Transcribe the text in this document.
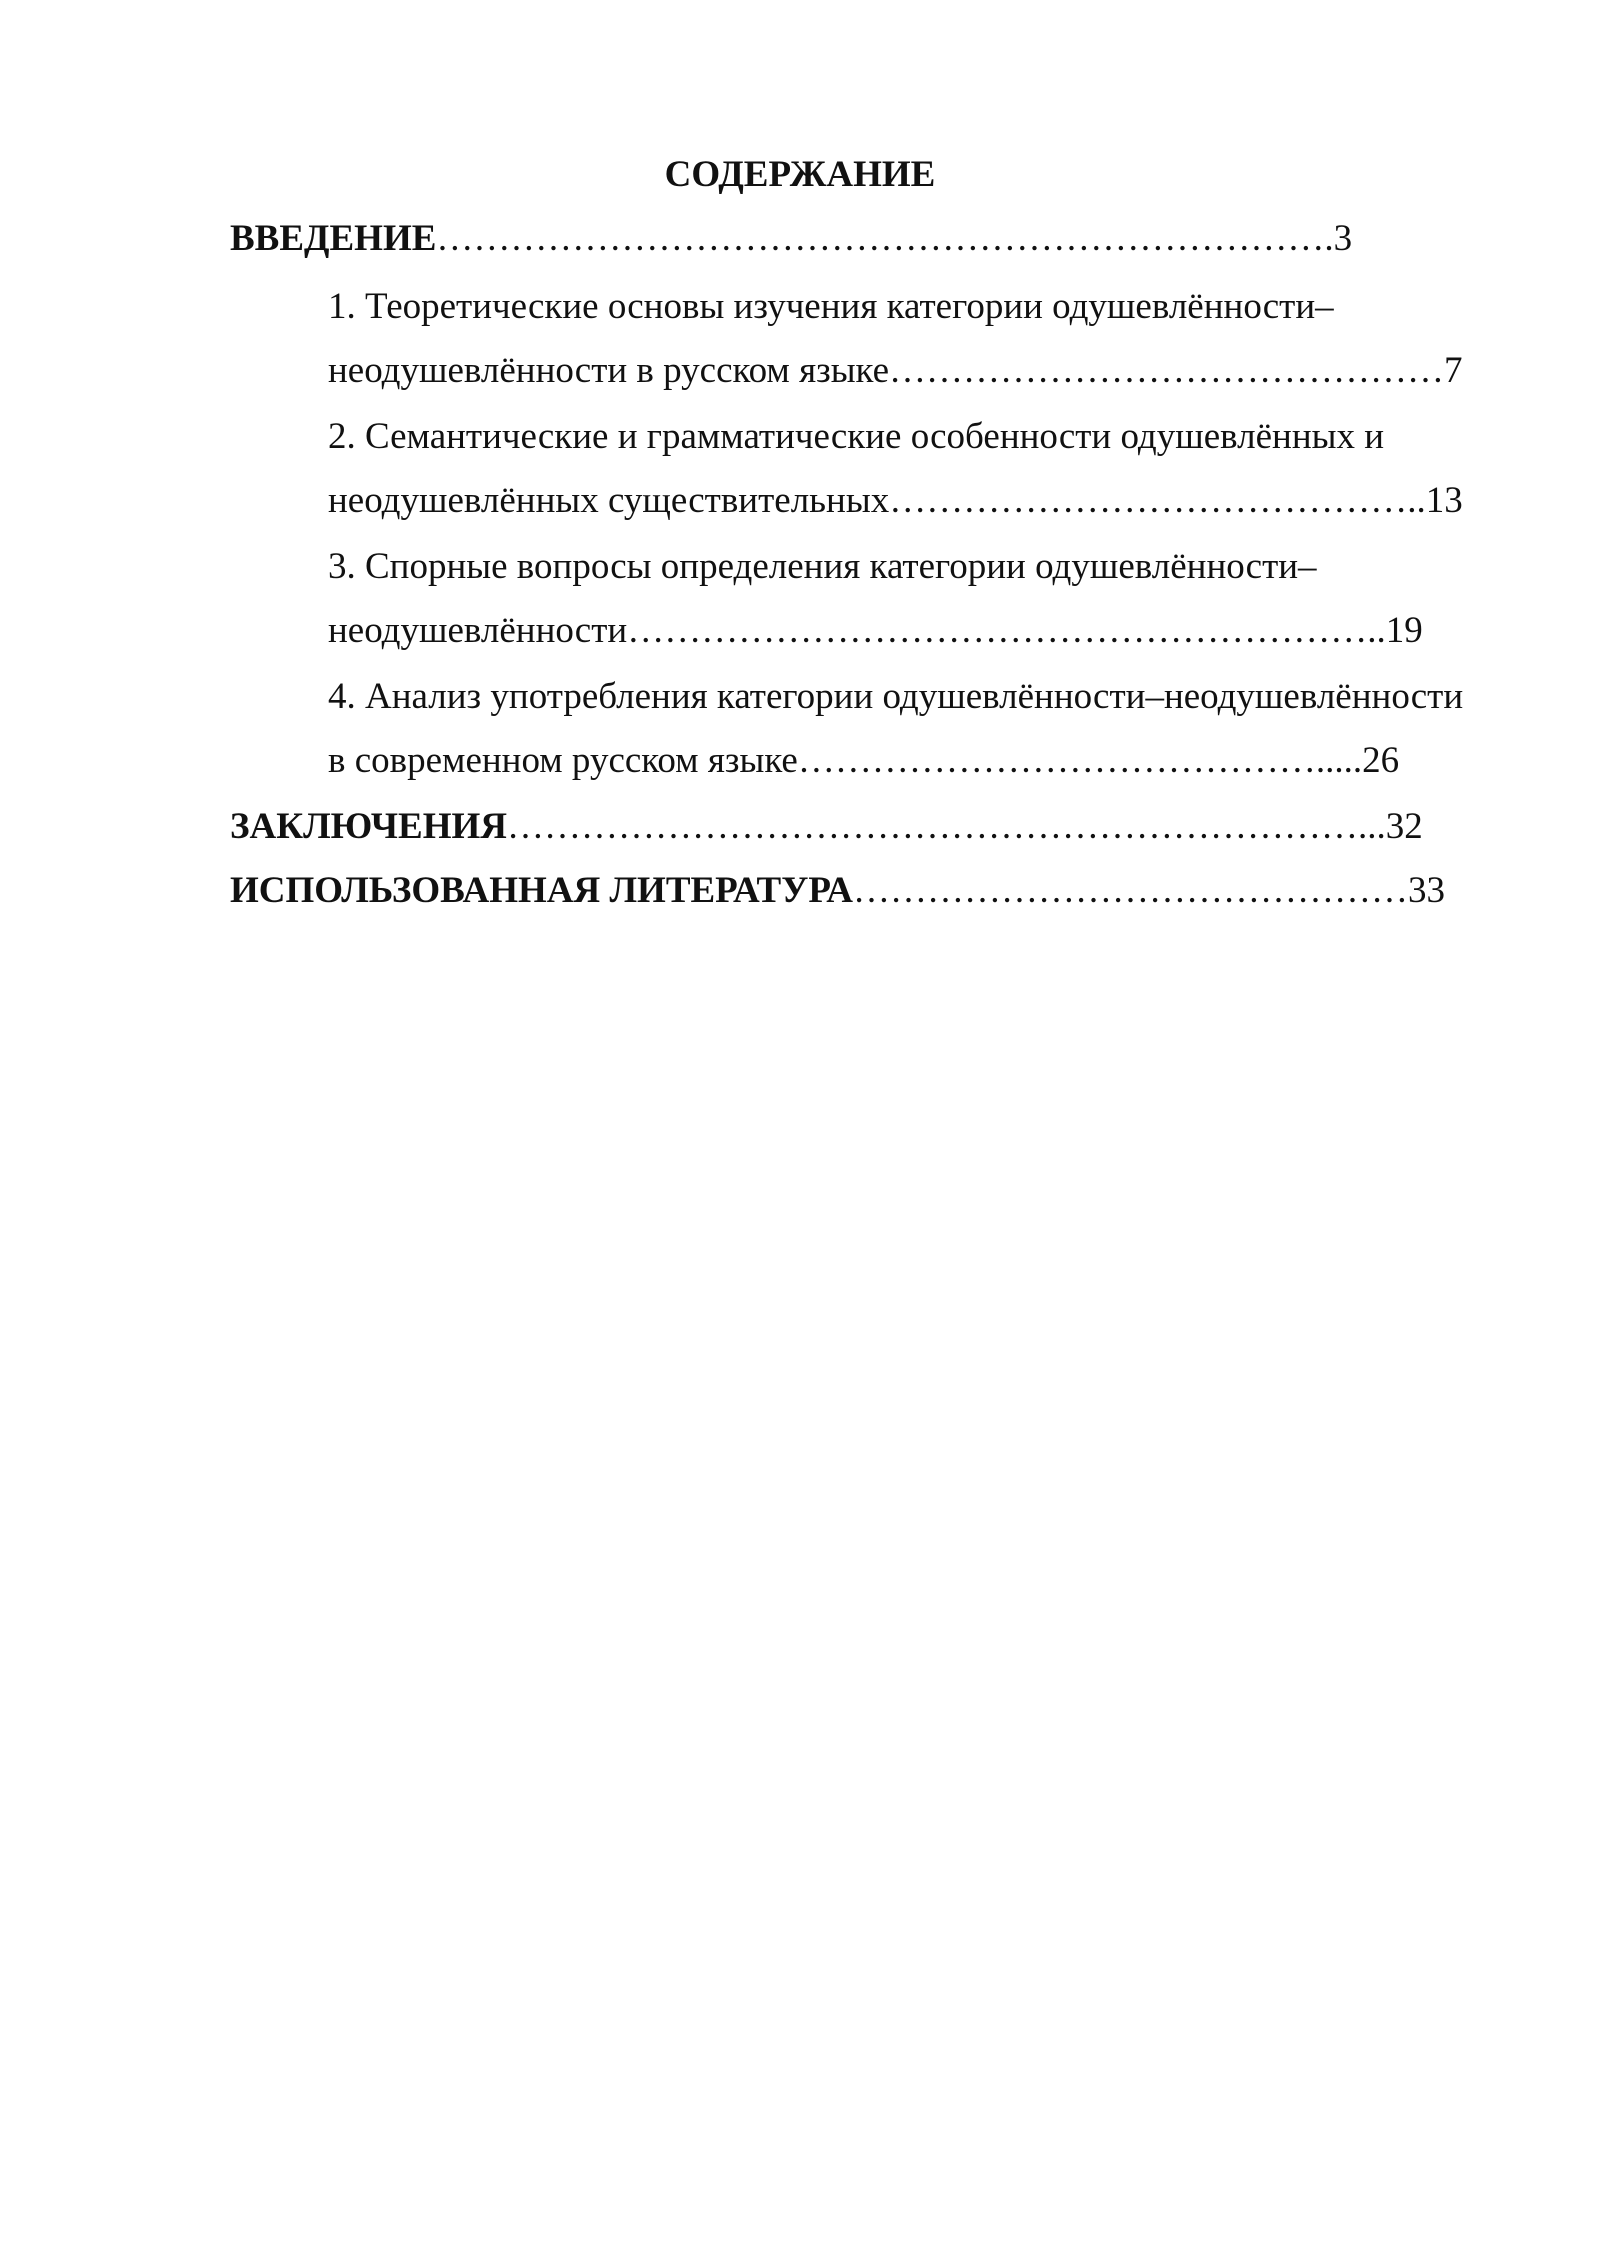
СОДЕРЖАНИЕ

ВВЕДЕНИЕ……………………………………………………………….3

1. Теоретические основы изучения категории одушевлённости–

неодушевлённости в русском языке………………………………………7

2. Семантические и грамматические особенности одушевлённых и

неодушевлённых существительных……………………………………..13

3. Спорные вопросы определения категории одушевлённости–

неодушевлённости……………………………………………………..19

4. Анализ употребления категории одушевлённости–неодушевлённости

в современном русском языке…………………………………….....26

ЗАКЛЮЧЕНИЯ……………………………………………………………...32

ИСПОЛЬЗОВАННАЯ ЛИТЕРАТУРА………………………………………33
